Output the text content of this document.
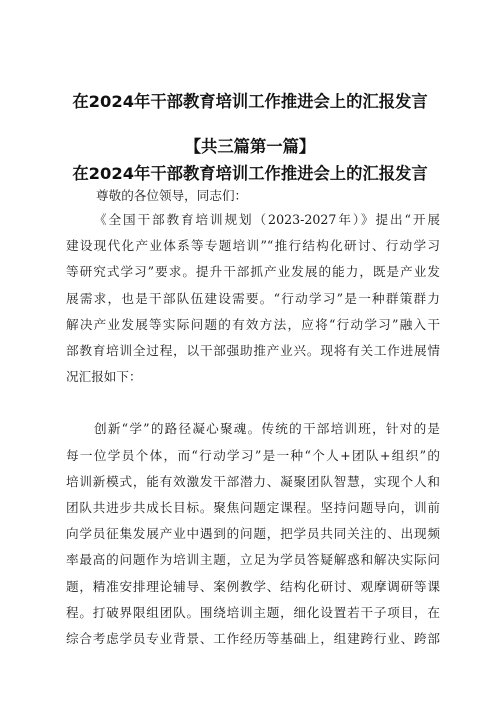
在2024年干部教育培训工作推进会上的汇报发言
【共三篇第一篇】
在2024年干部教育培训工作推进会上的汇报发言
尊敬的各位领导，同志们：
《全国干部教育培训规划（2023-2027年）》提出“开展
建设现代化产业体系等专题培训”“推行结构化研讨、行动学习
等研究式学习”要求。提升干部抓产业发展的能力，既是产业发
展需求，也是干部队伍建设需要。“行动学习”是一种群策群力
解决产业发展等实际问题的有效方法，应将“行动学习”融入干
部教育培训全过程，以干部强助推产业兴。现将有关工作进展情
况汇报如下：
创新“学”的路径凝心聚魂。传统的干部培训班，针对的是
每一位学员个体，而“行动学习”是一种“个人+团队+组织”的
培训新模式，能有效激发干部潜力、凝聚团队智慧，实现个人和
团队共进步共成长目标。聚焦问题定课程。坚持问题导向，训前
向学员征集发展产业中遇到的问题，把学员共同关注的、出现频
率最高的问题作为培训主题，立足为学员答疑解惑和解决实际问
题，精准安排理论辅导、案例教学、结构化研讨、观摩调研等课
程。打破界限组团队。围绕培训主题，细化设置若干子项目，在
综合考虑学员专业背景、工作经历等基础上，组建跨行业、跨部
